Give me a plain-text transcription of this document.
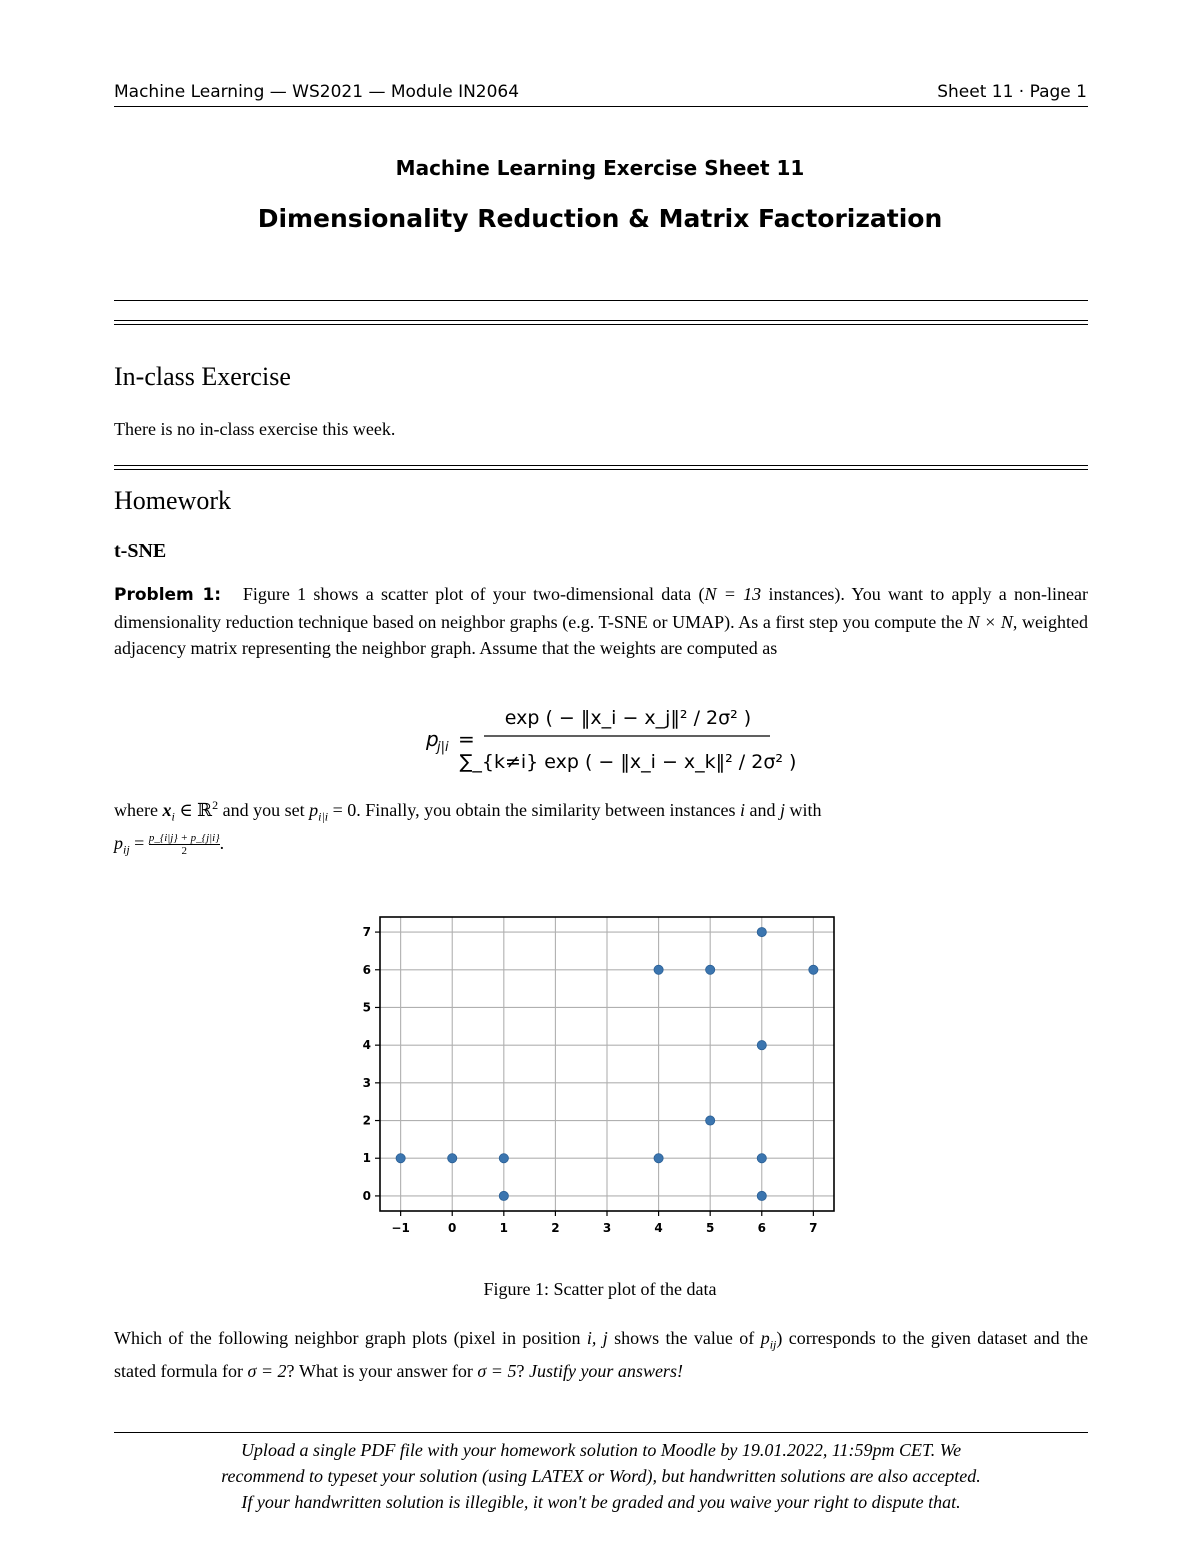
Machine Learning — WS2021 — Module IN2064	Sheet 11 · Page 1
Machine Learning Exercise Sheet 11
Dimensionality Reduction & Matrix Factorization
In-class Exercise
There is no in-class exercise this week.
Homework
t-SNE
Problem 1: Figure 1 shows a scatter plot of your two-dimensional data (N = 13 instances). You want to apply a non-linear dimensionality reduction technique based on neighbor graphs (e.g. T-SNE or UMAP). As a first step you compute the N × N, weighted adjacency matrix representing the neighbor graph. Assume that the weights are computed as
p
j|i =
exp ( − ‖x_i − x_j‖² / 2σ² )
∑_{k≠i} exp ( − ‖x_i − x_k‖² / 2σ² )
where $x_i$ ∈ ℝ$^2$ and you set $p_{i|i} = 0$. Finally, you obtain the similarity between instances i and j with
$p_{ij} = \frac{p\_\{i|j\} + p\_\{j|i\}}{2}$ .
−1	0	1	2	3	4	5	6	7
0
1
2
3
4
5
6
7
Figure 1: Scatter plot of the data
Which of the following neighbor graph plots (pixel in position i, j shows the value of $p_{ij}$) corresponds to the given dataset and the stated formula for σ = 2? What is your answer for σ = 5? Justify your answers!
Upload a single PDF file with your homework solution to Moodle by 19.01.2022, 11:59pm CET. We
recommend to typeset your solution (using LATEX or Word), but handwritten solutions are also accepted.
If your handwritten solution is illegible, it won't be graded and you waive your right to dispute that.
